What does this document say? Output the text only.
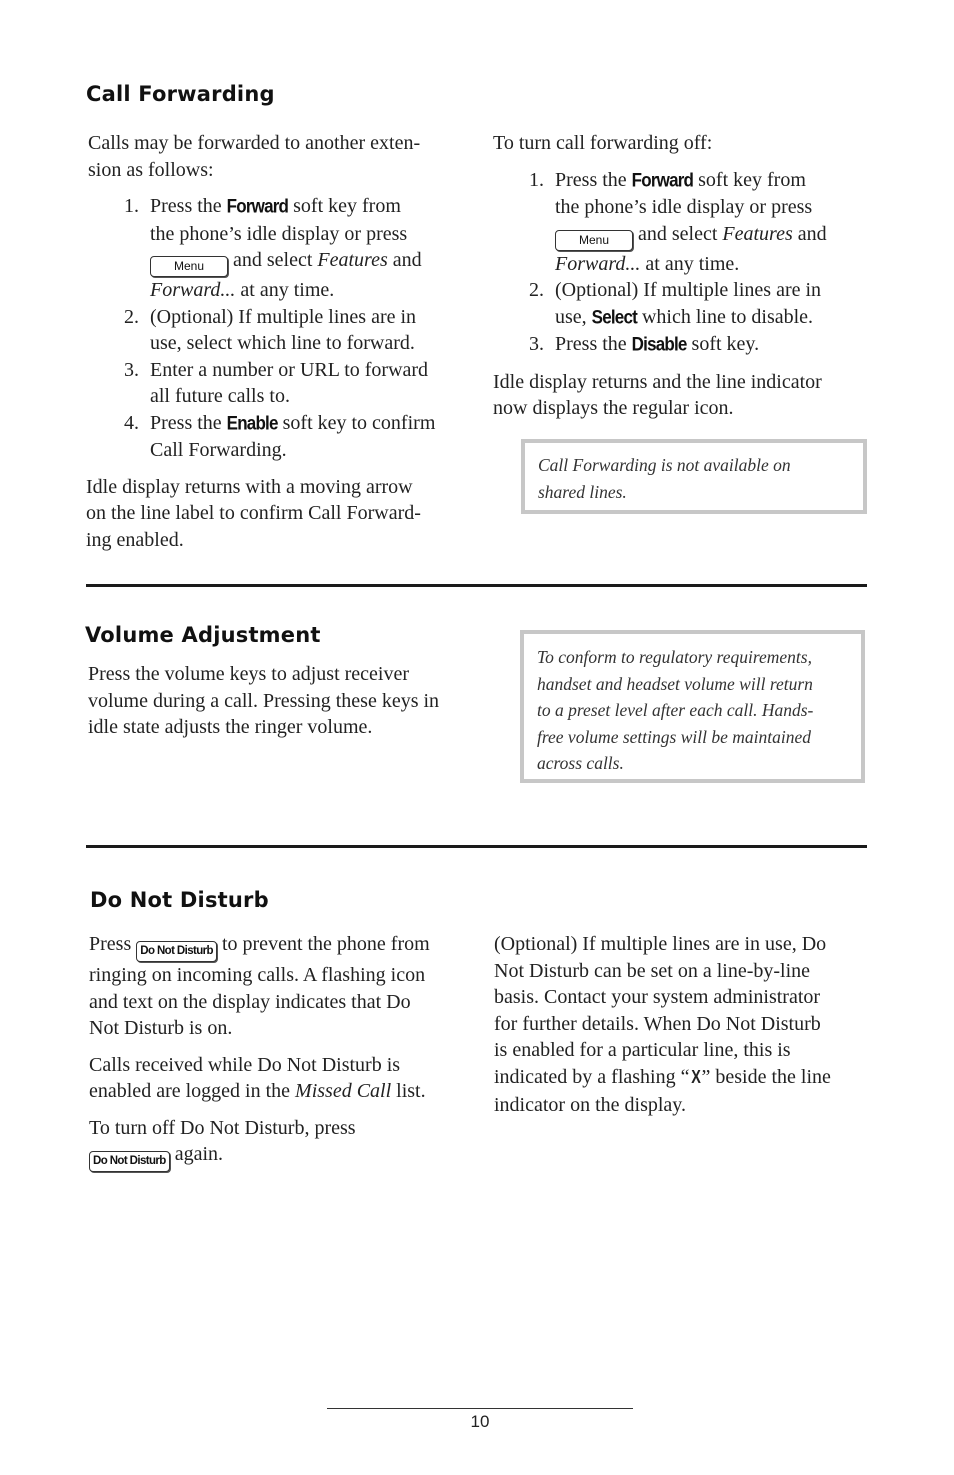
Call Forwarding

Calls may be forwarded to another exten-
sion as follows:

1. Press the Forward soft key from
the phone’s idle display or press
Menu and select Features and
Forward... at any time.
2. (Optional) If multiple lines are in
use, select which line to forward.
3. Enter a number or URL to forward
all future calls to.
4. Press the Enable soft key to confirm
Call Forwarding.

Idle display returns with a moving arrow
on the line label to confirm Call Forward-
ing enabled.

To turn call forwarding off:

1. Press the Forward soft key from
the phone’s idle display or press
Menu and select Features and
Forward... at any time.
2. (Optional) If multiple lines are in
use, Select which line to disable.
3. Press the Disable soft key.

Idle display returns and the line indicator
now displays the regular icon.

Call Forwarding is not available on
shared lines.
Volume Adjustment
Press the volume keys to adjust receiver
volume during a call. Pressing these keys in
idle state adjusts the ringer volume.
To conform to regulatory requirements,
handset and headset volume will return
to a preset level after each call. Hands-
free volume settings will be maintained
across calls.
Do Not Disturb

Press Do Not Disturb to prevent the phone from
ringing on incoming calls. A flashing icon
and text on the display indicates that Do
Not Disturb is on.

Calls received while Do Not Disturb is
enabled are logged in the Missed Call list.

To turn off Do Not Disturb, press
Do Not Disturb again.

(Optional) If multiple lines are in use, Do
Not Disturb can be set on a line-by-line
basis. Contact your system administrator
for further details. When Do Not Disturb
is enabled for a particular line, this is
indicated by a flashing “X” beside the line
indicator on the display.
10
